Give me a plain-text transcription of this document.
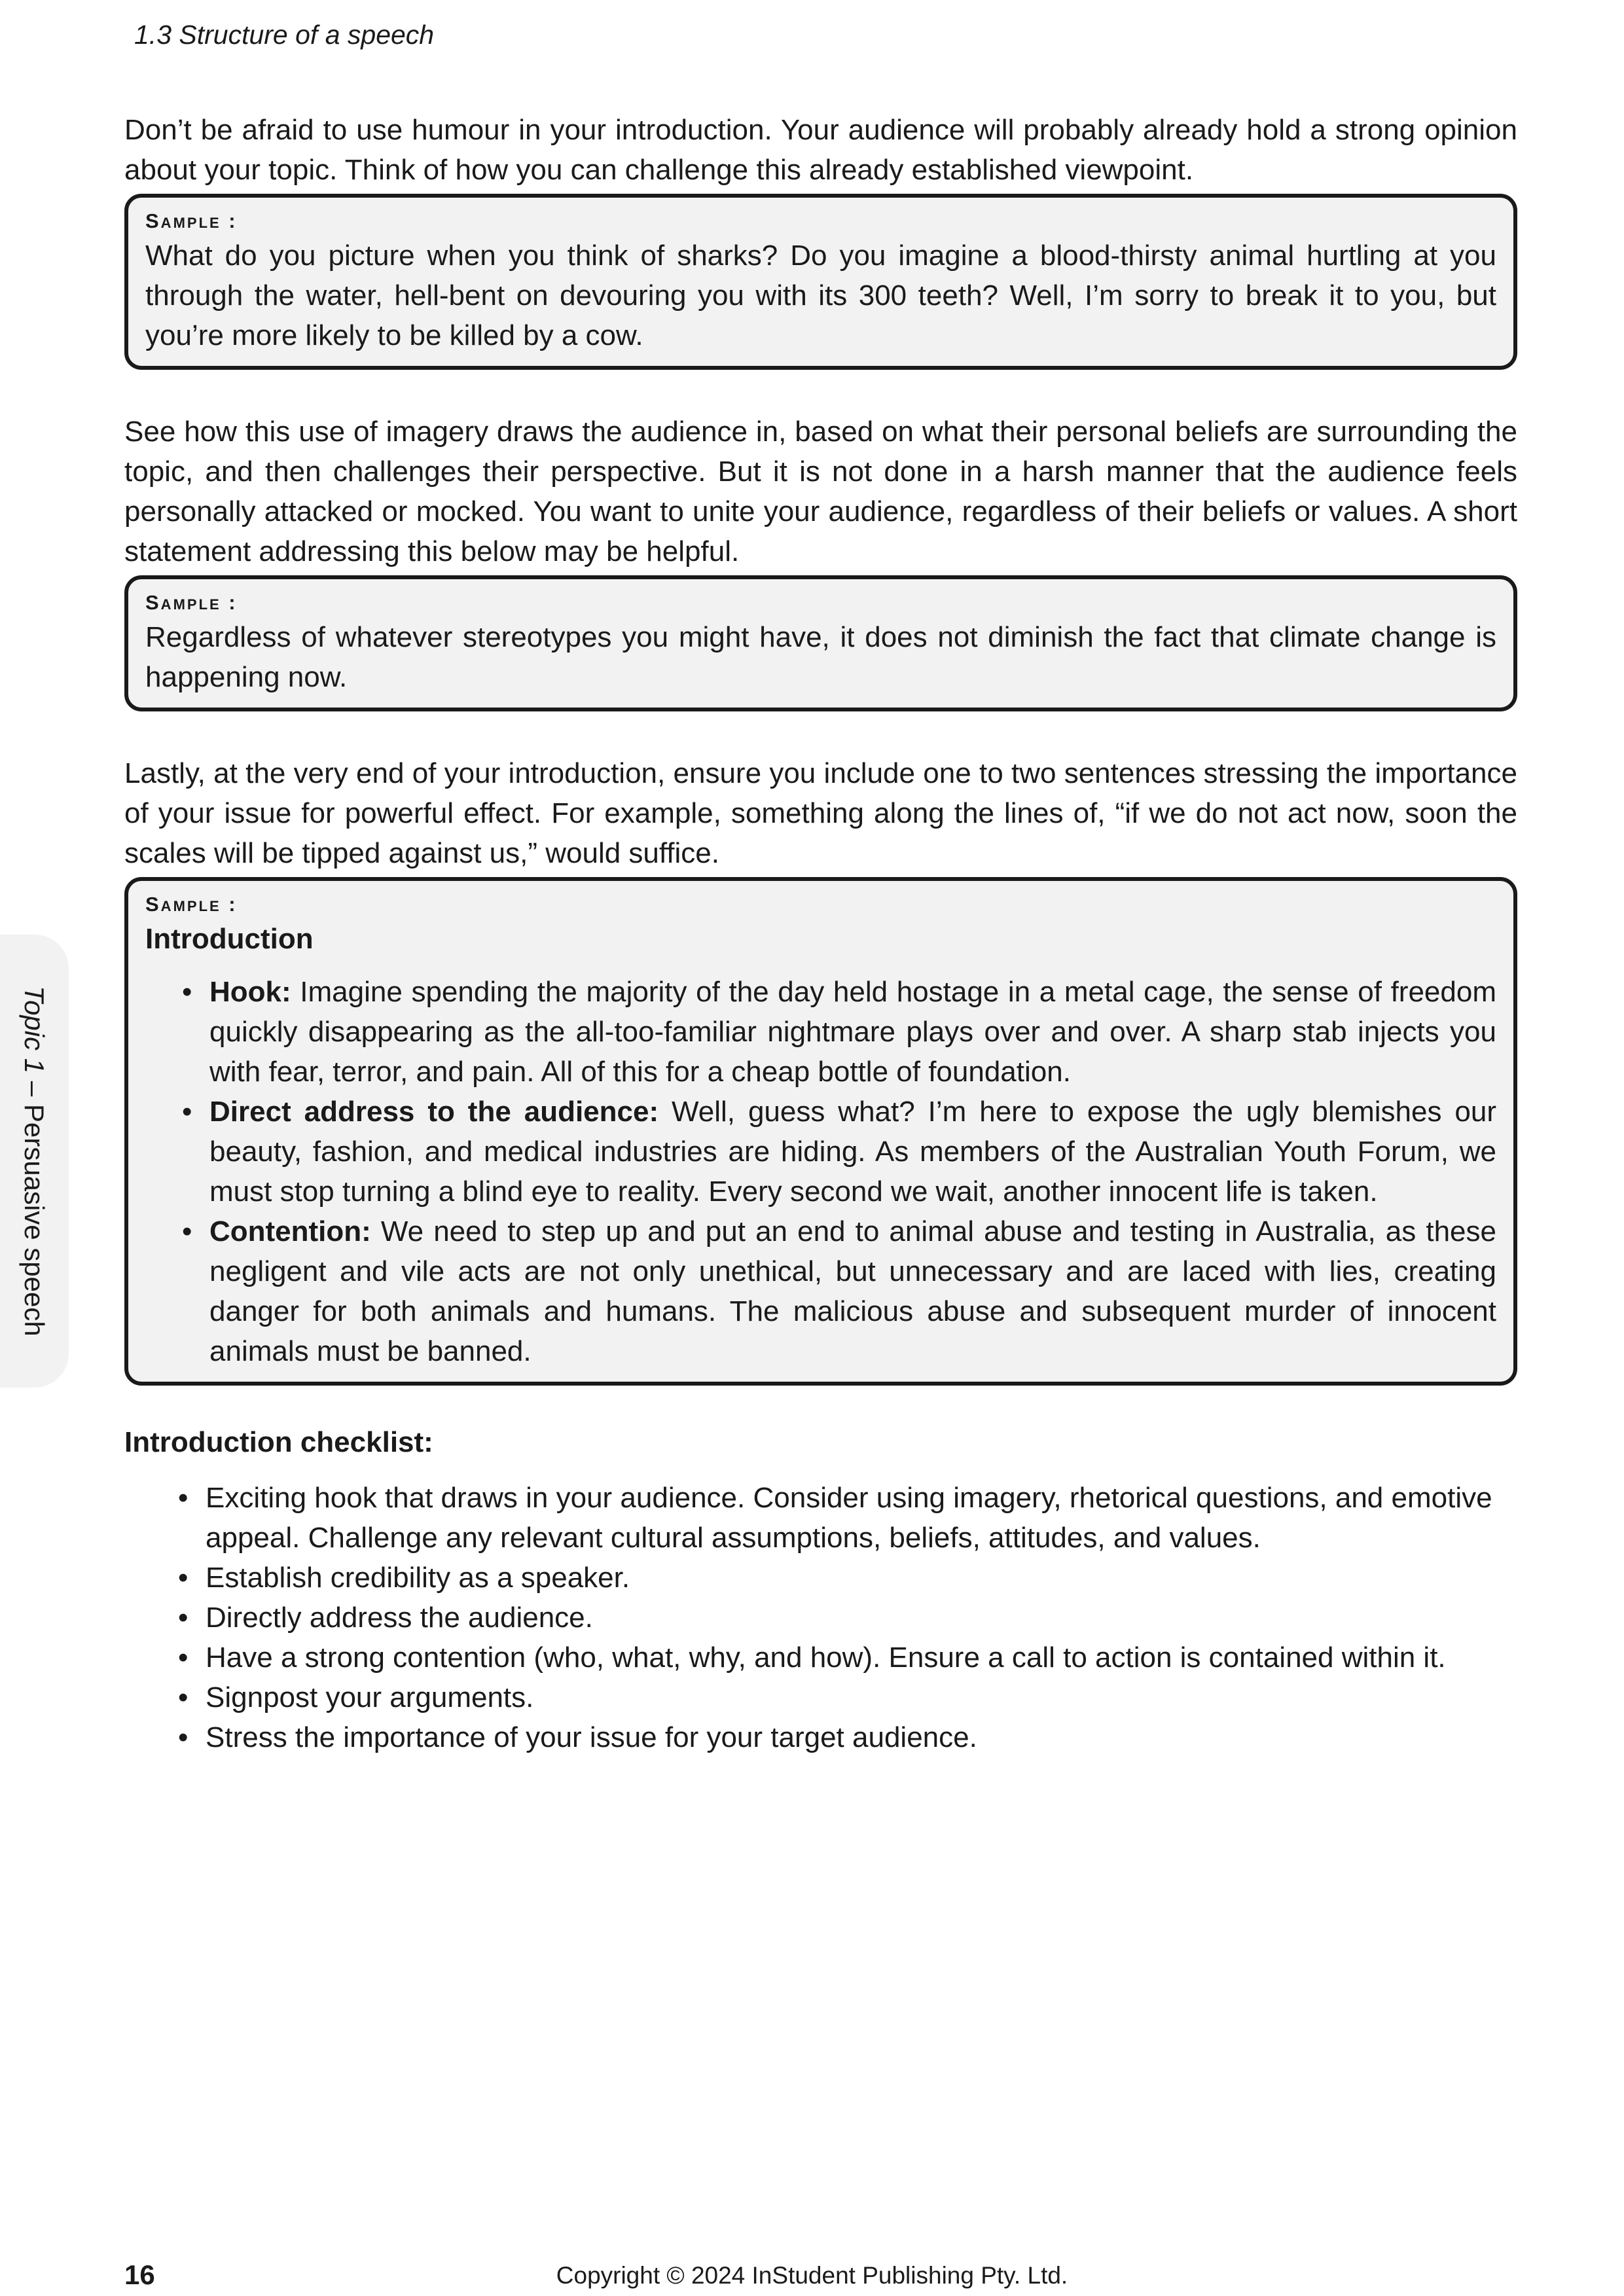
1.3 Structure of a speech
Topic 1 – Persuasive speech

Don’t be afraid to use humour in your introduction. Your audience will probably already hold a strong opinion about your topic. Think of how you can challenge this already established viewpoint.

Sample :

What do you picture when you think of sharks? Do you imagine a blood-thirsty animal hurtling at you through the water, hell-bent on devouring you with its 300 teeth? Well, I’m sorry to break it to you, but you’re more likely to be killed by a cow.

See how this use of imagery draws the audience in, based on what their personal beliefs are surrounding the topic, and then challenges their perspective. But it is not done in a harsh manner that the audience feels personally attacked or mocked. You want to unite your audience, regardless of their beliefs or values. A short statement addressing this below may be helpful.

Sample :

Regardless of whatever stereotypes you might have, it does not diminish the fact that climate change is happening now.

Lastly, at the very end of your introduction, ensure you include one to two sentences stressing the importance of your issue for powerful effect. For example, something along the lines of, “if we do not act now, soon the scales will be tipped against us,” would suffice.

Sample :
Introduction
• Hook: Imagine spending the majority of the day held hostage in a metal cage, the sense of freedom quickly disappearing as the all-too-familiar nightmare plays over and over. A sharp stab injects you with fear, terror, and pain. All of this for a cheap bottle of foundation.
• Direct address to the audience: Well, guess what? I’m here to expose the ugly blemishes our beauty, fashion, and medical industries are hiding. As members of the Australian Youth Forum, we must stop turning a blind eye to reality. Every second we wait, another innocent life is taken.
• Contention: We need to step up and put an end to animal abuse and testing in Australia, as these negligent and vile acts are not only unethical, but unnecessary and are laced with lies, creating danger for both animals and humans. The malicious abuse and subsequent murder of innocent animals must be banned.
Introduction checklist:
• Exciting hook that draws in your audience. Consider using imagery, rhetorical questions, and emotive appeal. Challenge any relevant cultural assumptions, beliefs, attitudes, and values.
• Establish credibility as a speaker.
• Directly address the audience.
• Have a strong contention (who, what, why, and how). Ensure a call to action is contained within it.
• Signpost your arguments.
• Stress the importance of your issue for your target audience.
16	Copyright © 2024 InStudent Publishing Pty. Ltd.
